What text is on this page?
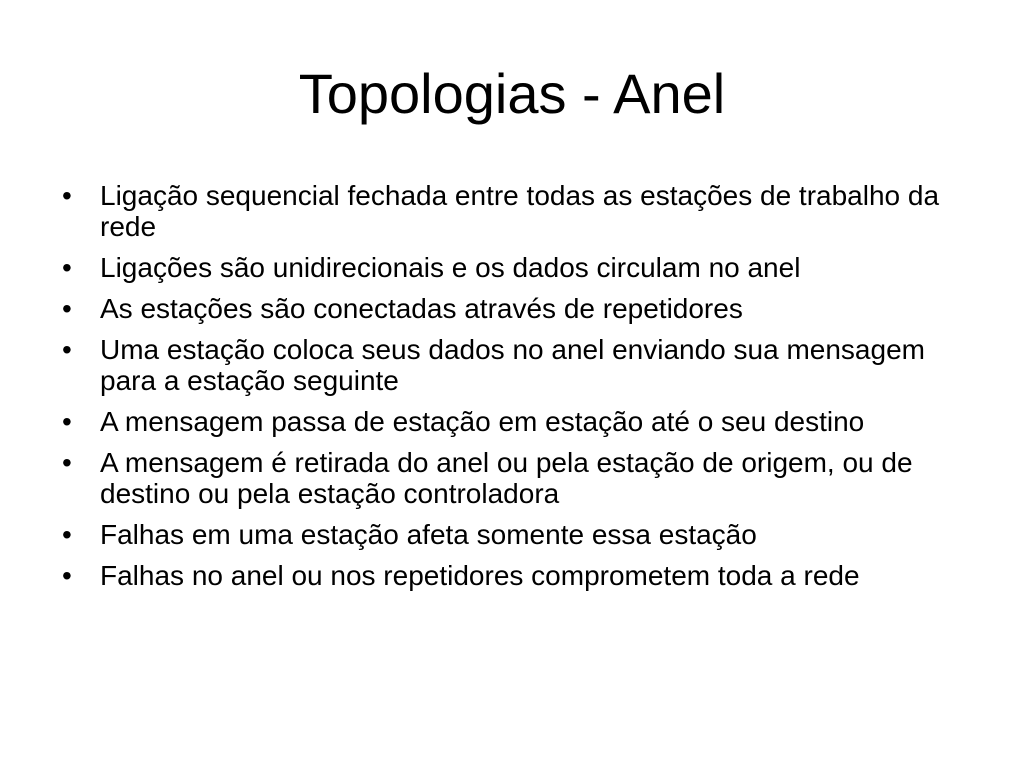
Topologias - Anel
•	Ligação sequencial fechada entre todas as estações de trabalho da rede
•	Ligações são unidirecionais e os dados circulam no anel
•	As estações são conectadas através de repetidores
•	Uma estação coloca seus dados no anel enviando sua mensagem para a estação seguinte
•	A mensagem passa de estação em estação até o seu destino
•	A mensagem é retirada do anel ou pela estação de origem, ou de destino ou pela estação controladora
•	Falhas em uma estação afeta somente essa estação
•	Falhas no anel ou nos repetidores comprometem toda a rede
